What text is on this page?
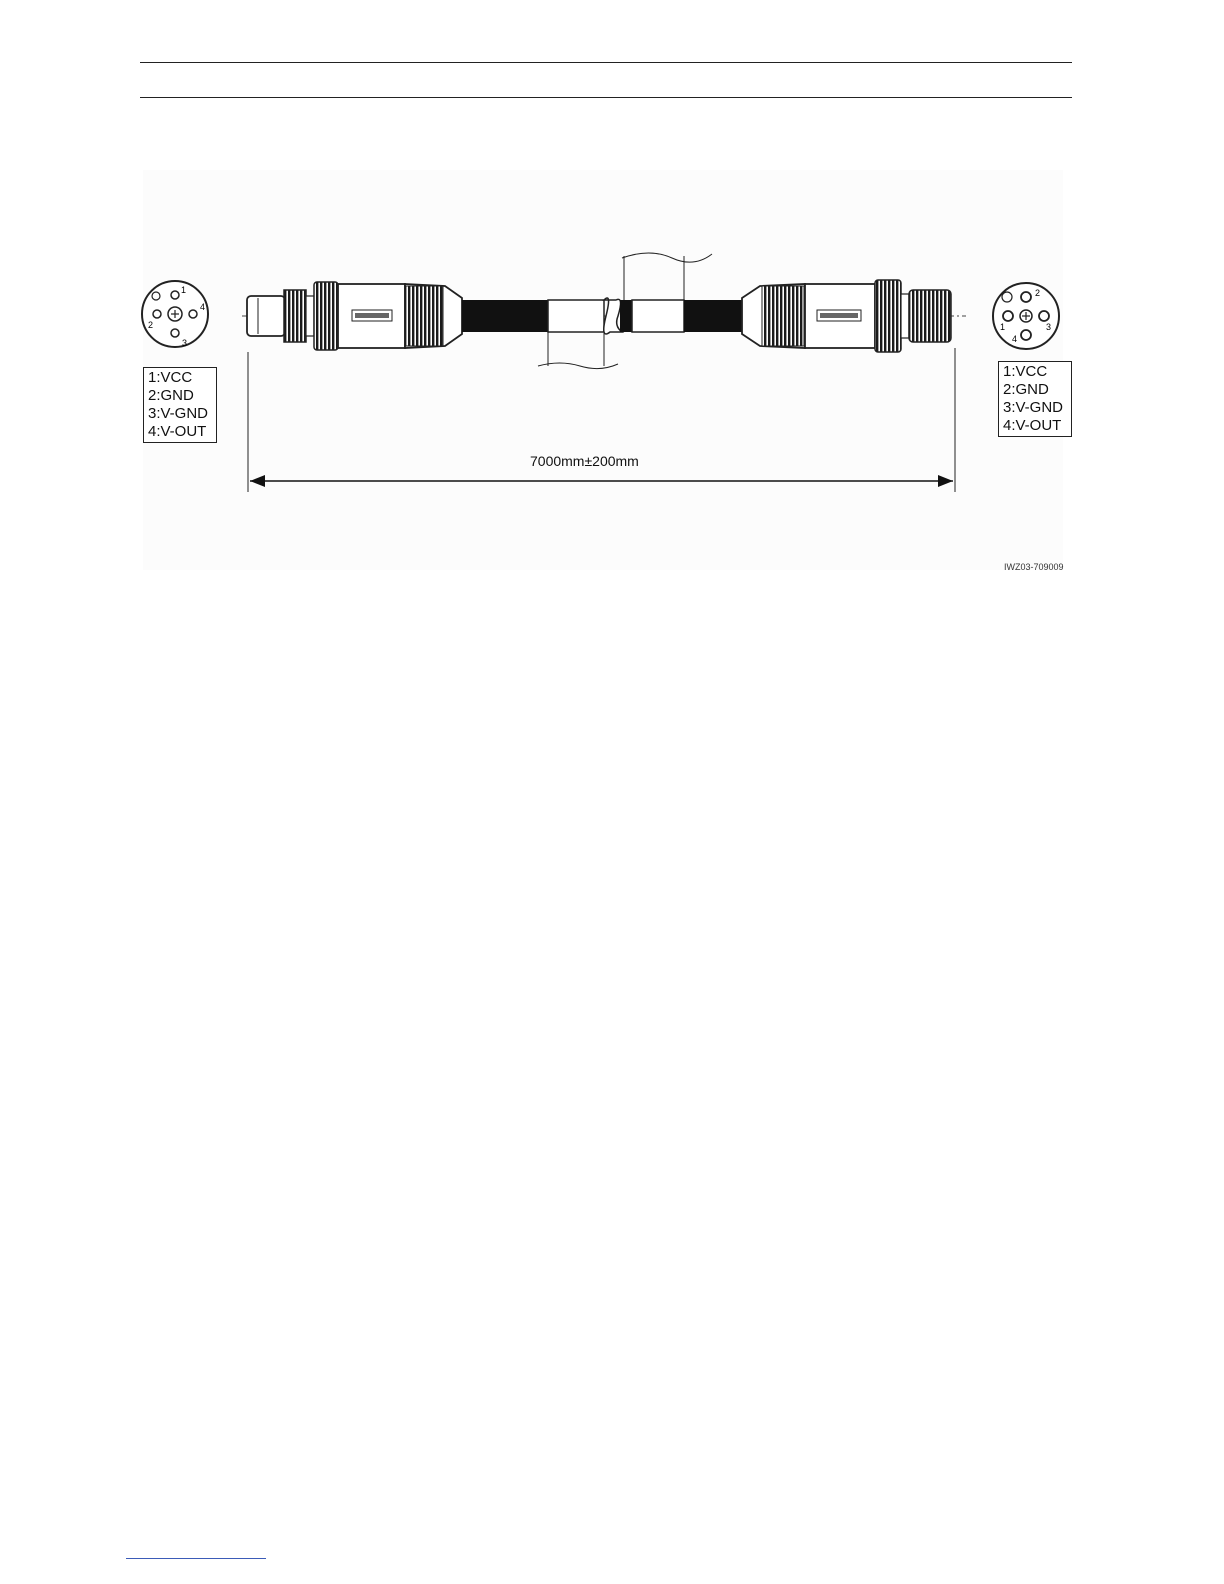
1
2
3
4
1
2
3
4
1:VCC
2:GND
3:V-GND
4:V-OUT
1:VCC
2:GND
3:V-GND
4:V-OUT
7000mm±200mm
IWZ03-709009
